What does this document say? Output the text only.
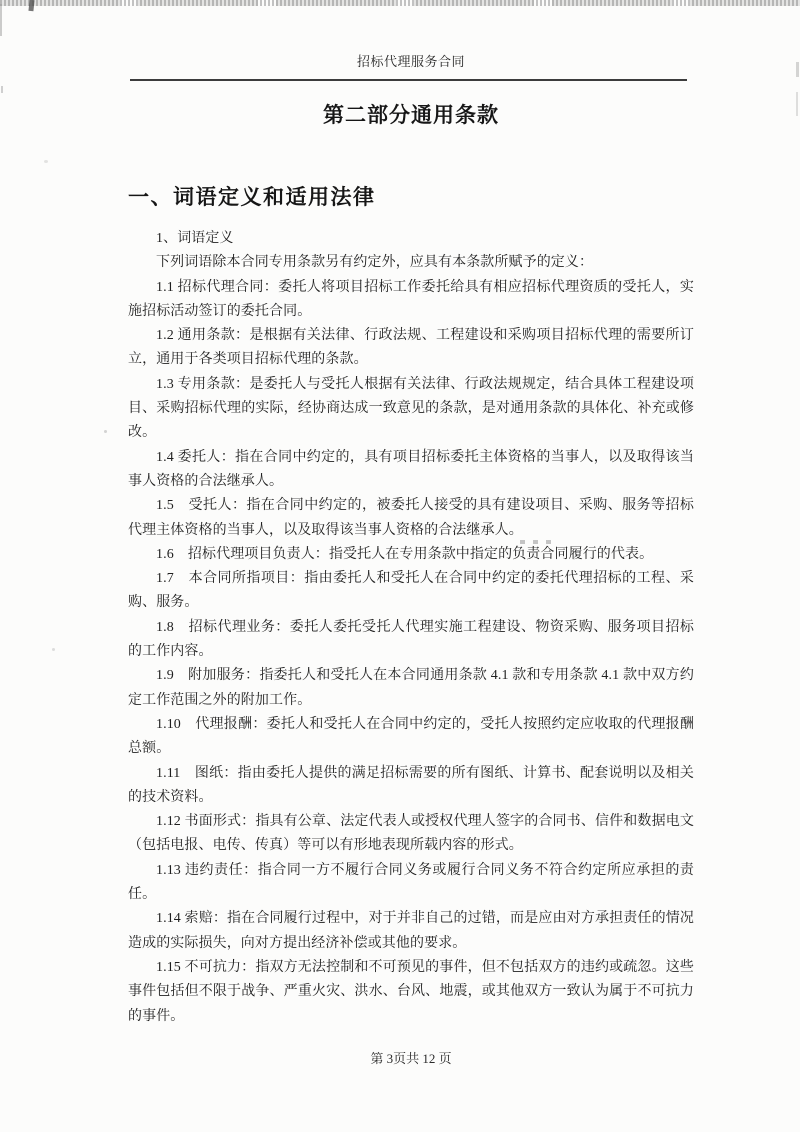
招标代理服务合同
第二部分通用条款
一、词语定义和适用法律

1、词语定义

下列词语除本合同专用条款另有约定外，应具有本条款所赋予的定义：

1.1 招标代理合同：委托人将项目招标工作委托给具有相应招标代理资质的受托人，实施招标活动签订的委托合同。

1.2 通用条款：是根据有关法律、行政法规、工程建设和采购项目招标代理的需要所订立，通用于各类项目招标代理的条款。

1.3 专用条款：是委托人与受托人根据有关法律、行政法规规定，结合具体工程建设项目、采购招标代理的实际，经协商达成一致意见的条款，是对通用条款的具体化、补充或修改。

1.4 委托人：指在合同中约定的，具有项目招标委托主体资格的当事人，以及取得该当事人资格的合法继承人。

1.5　受托人：指在合同中约定的，被委托人接受的具有建设项目、采购、服务等招标代理主体资格的当事人，以及取得该当事人资格的合法继承人。

1.6　招标代理项目负责人：指受托人在专用条款中指定的负责合同履行的代表。

1.7　本合同所指项目：指由委托人和受托人在合同中约定的委托代理招标的工程、采购、服务。

1.8　招标代理业务：委托人委托受托人代理实施工程建设、物资采购、服务项目招标的工作内容。

1.9　附加服务：指委托人和受托人在本合同通用条款 4.1 款和专用条款 4.1 款中双方约定工作范围之外的附加工作。

1.10　代理报酬：委托人和受托人在合同中约定的，受托人按照约定应收取的代理报酬总额。

1.11　图纸：指由委托人提供的满足招标需要的所有图纸、计算书、配套说明以及相关的技术资料。

1.12 书面形式：指具有公章、法定代表人或授权代理人签字的合同书、信件和数据电文（包括电报、电传、传真）等可以有形地表现所载内容的形式。

1.13 违约责任：指合同一方不履行合同义务或履行合同义务不符合约定所应承担的责任。

1.14 索赔：指在合同履行过程中，对于并非自己的过错，而是应由对方承担责任的情况造成的实际损失，向对方提出经济补偿或其他的要求。

1.15 不可抗力：指双方无法控制和不可预见的事件，但不包括双方的违约或疏忽。这些事件包括但不限于战争、严重火灾、洪水、台风、地震，或其他双方一致认为属于不可抗力的事件。

第 3页共 12 页
